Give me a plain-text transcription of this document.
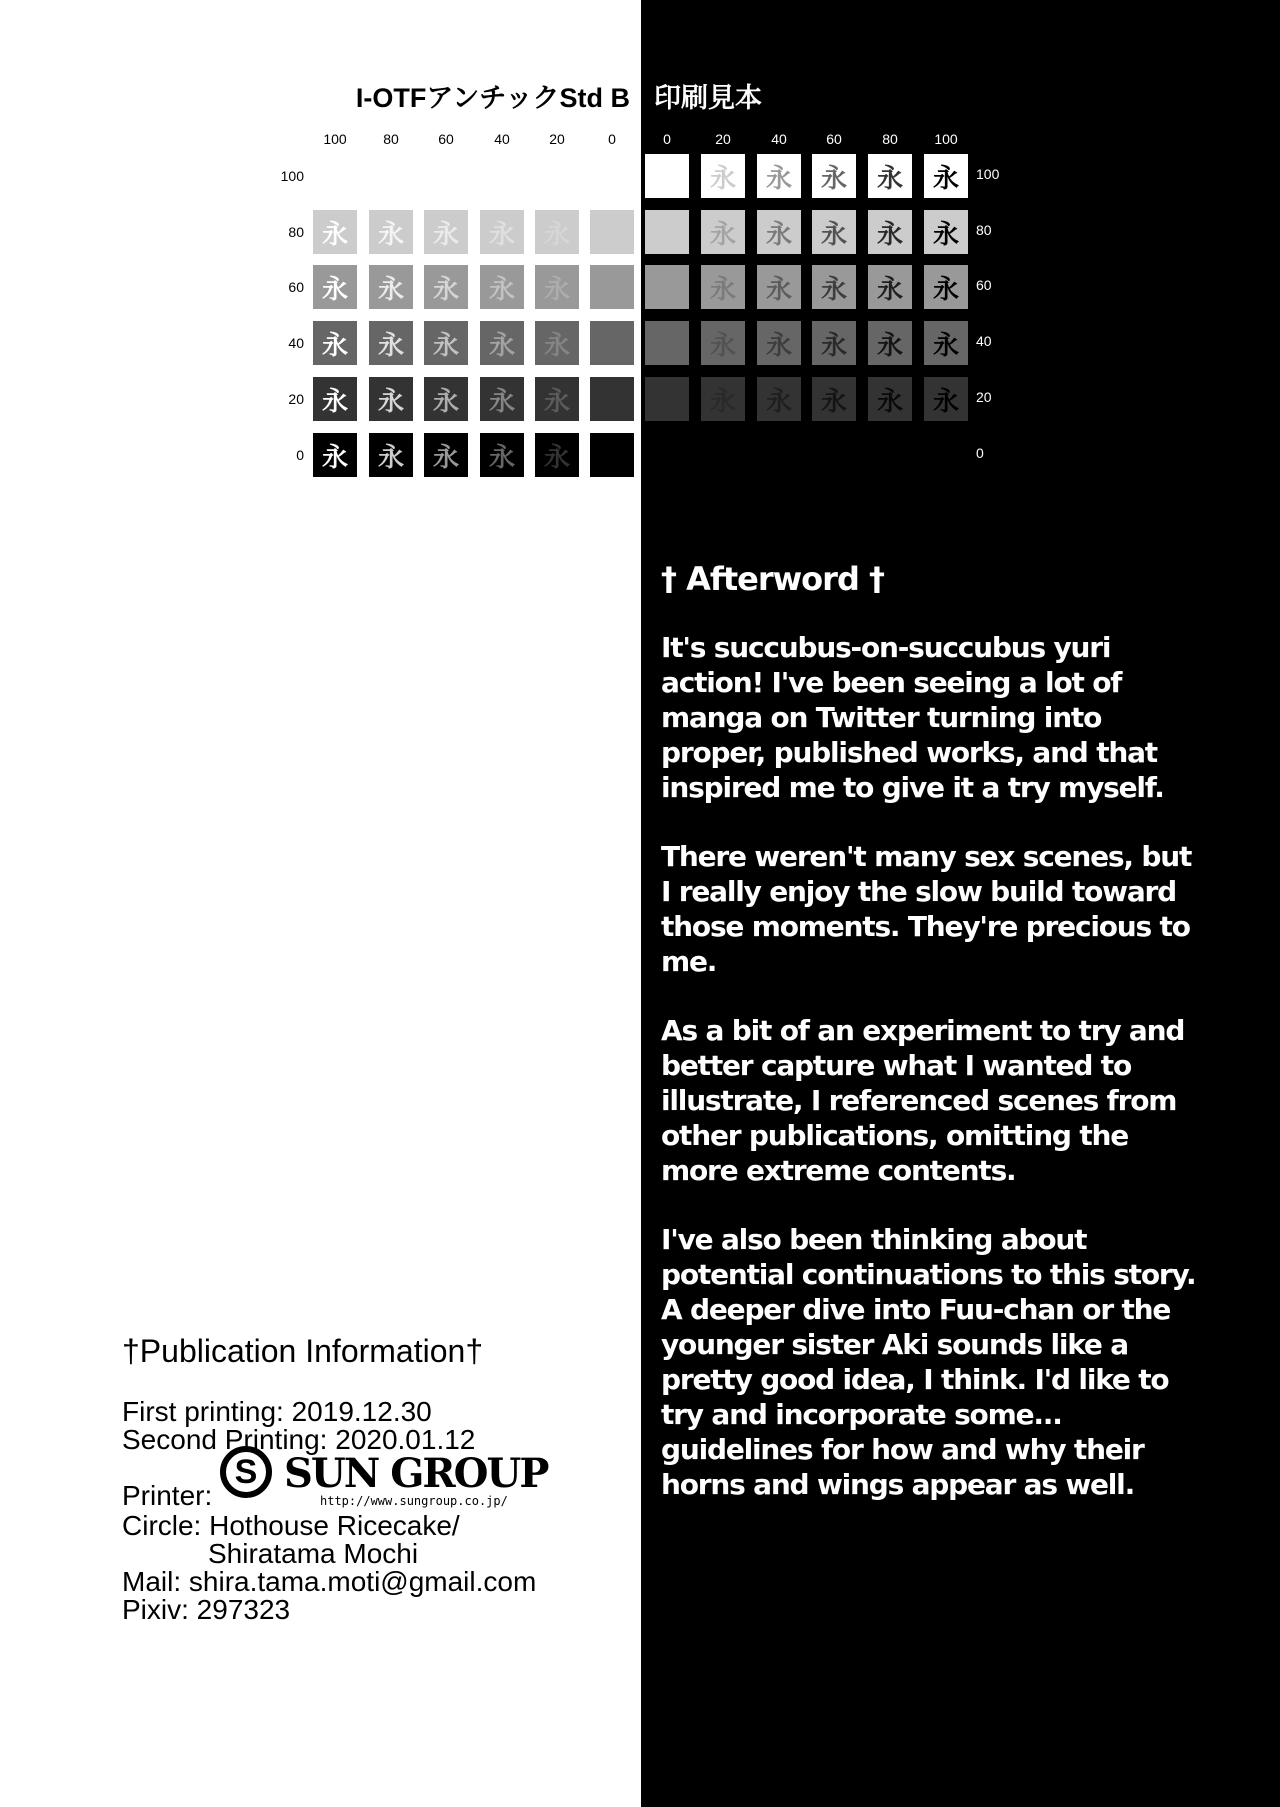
I-OTFアンチックStd B 印刷見本
100	80	60	40	20	0	0	20	40	60	80	100
100
80
60
40
20
0
100
80
60
40
20
0
永	永	永	永	永	永
永	永	永	永	永	永
永	永	永	永	永	永
永	永	永	永	永	永
永	永	永	永	永	永
永	永	永	永	永	永
永	永	永	永	永	永
永	永	永	永	永	永
永	永	永	永	永	永
永	永	永	永	永	永
永	永	永	永	永	永
永	永	永	永	永	永
† Afterword †

It's succubus-on-succubus yuri action! I've been seeing a lot of manga on Twitter turning into proper, published works, and that inspired me to give it a try myself.

There weren't many sex scenes, but I really enjoy the slow build toward those moments. They're precious to me.

As a bit of an experiment to try and better capture what I wanted to illustrate, I referenced scenes from other publications, omitting the more extreme contents.

I've also been thinking about potential continuations to this story. A deeper dive into Fuu-chan or the younger sister Aki sounds like a pretty good idea, I think. I'd like to try and incorporate some... guidelines for how and why their horns and wings appear as well.

†Publication Information†
First printing: 2019.12.30
Second Printing: 2020.01.12
Printer:
S SUN GROUP
http://www.sungroup.co.jp/
Circle: Hothouse Ricecake/
Shiratama Mochi
Mail: shira.tama.moti@gmail.com
Pixiv: 297323
